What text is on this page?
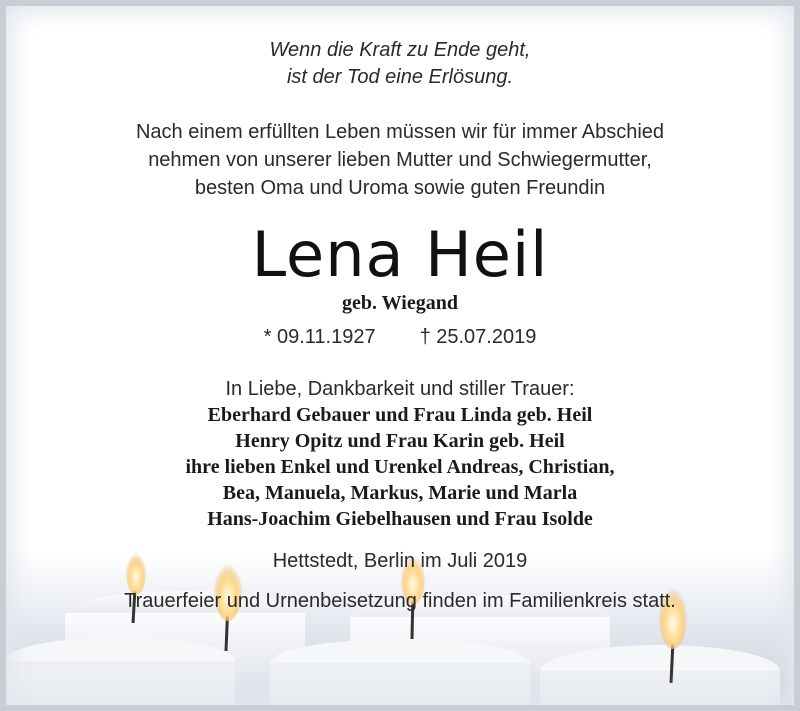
Wenn die Kraft zu Ende geht,
ist der Tod eine Erlösung.

Nach einem erfüllten Leben müssen wir für immer Abschied
nehmen von unserer lieben Mutter und Schwiegermutter,
besten Oma und Uroma sowie guten Freundin

Lena Heil

geb. Wiegand

* 09.11.1927 † 25.07.2019

In Liebe, Dankbarkeit und stiller Trauer:

Eberhard Gebauer und Frau Linda geb. Heil
Henry Opitz und Frau Karin geb. Heil
ihre lieben Enkel und Urenkel Andreas, Christian,
Bea, Manuela, Markus, Marie und Marla
Hans-Joachim Giebelhausen und Frau Isolde

Hettstedt, Berlin im Juli 2019

Trauerfeier und Urnenbeisetzung finden im Familienkreis statt.
